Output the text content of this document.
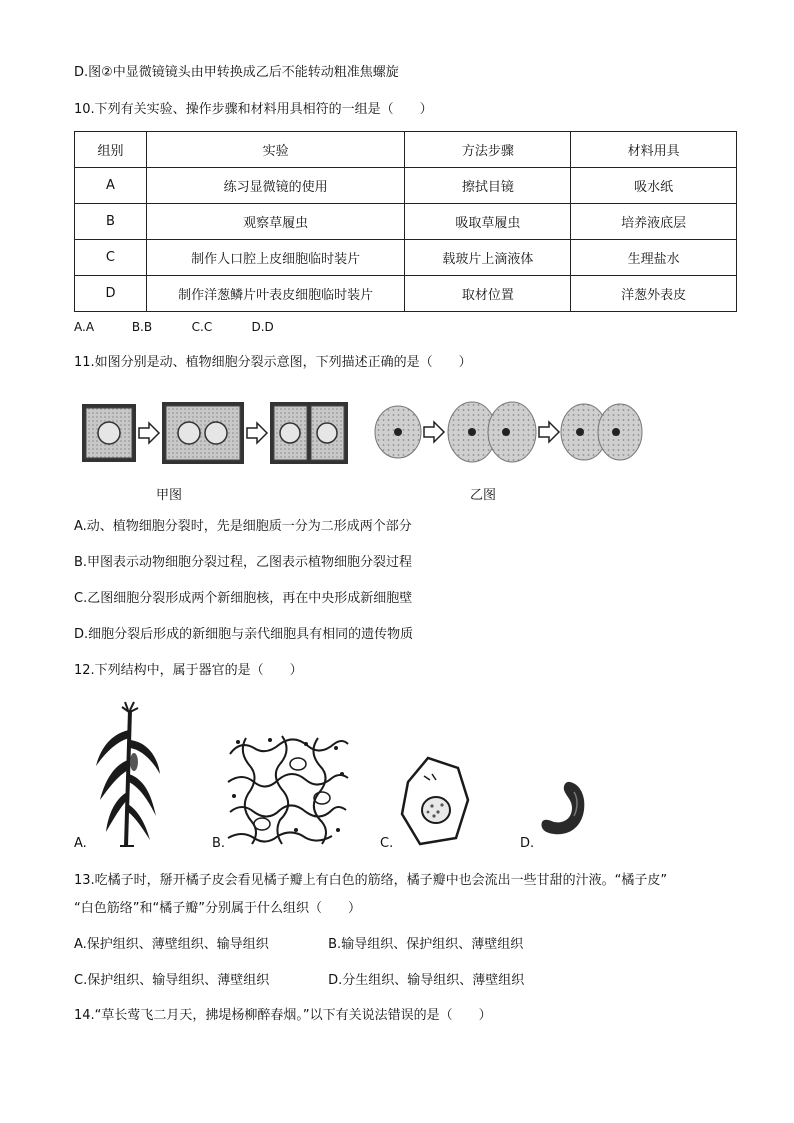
D.图②中显微镜镜头由甲转换成乙后不能转动粗准焦螺旋
10.下列有关实验、操作步骤和材料用具相符的一组是（　　）
组别	实验	方法步骤	材料用具
A	练习显微镜的使用	擦拭目镜	吸水纸
B	观察草履虫	吸取草履虫	培养液底层
C	制作人口腔上皮细胞临时装片	载玻片上滴液体	生理盐水
D	制作洋葱鳞片叶表皮细胞临时装片	取材位置	洋葱外表皮
A.A	B.B	C.C	D.D
11.如图分别是动、植物细胞分裂示意图，下列描述正确的是（　　）
甲图	乙图
A.动、植物细胞分裂时，先是细胞质一分为二形成两个部分
B.甲图表示动物细胞分裂过程，乙图表示植物细胞分裂过程
C.乙图细胞分裂形成两个新细胞核，再在中央形成新细胞壁
D.细胞分裂后形成的新细胞与亲代细胞具有相同的遗传物质
12.下列结构中，属于器官的是（　　）
A.	B.	C.	D.
13.吃橘子时，掰开橘子皮会看见橘子瓣上有白色的筋络，橘子瓣中也会流出一些甘甜的汁液。“橘子皮”
“白色筋络”和“橘子瓣”分别属于什么组织（　　）
A.保护组织、薄壁组织、输导组织	B.输导组织、保护组织、薄壁组织
C.保护组织、输导组织、薄壁组织	D.分生组织、输导组织、薄壁组织
14.“草长莺飞二月天，拂堤杨柳醉春烟。”以下有关说法错误的是（　　）
